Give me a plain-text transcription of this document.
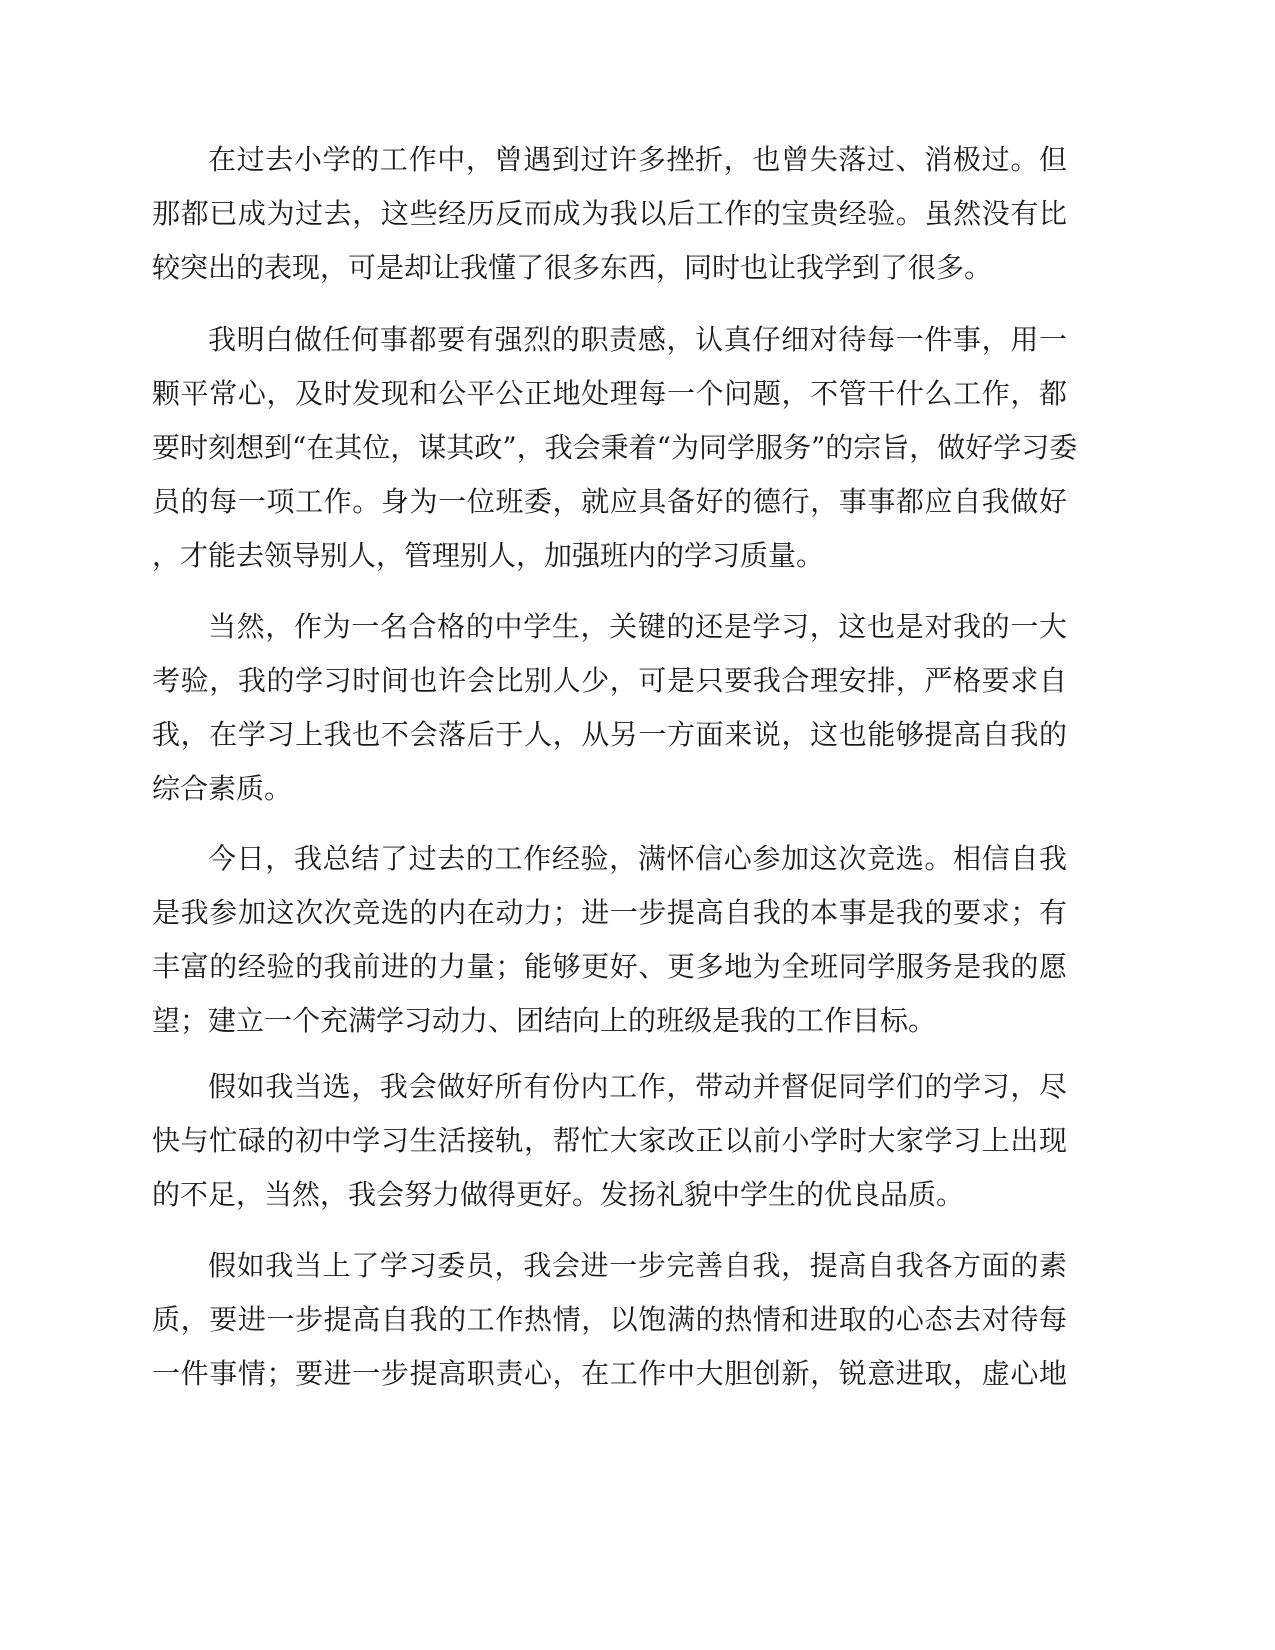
在过去小学的工作中，曾遇到过许多挫折，也曾失落过、消极过。但
那都已成为过去，这些经历反而成为我以后工作的宝贵经验。虽然没有比
较突出的表现，可是却让我懂了很多东西，同时也让我学到了很多。
我明白做任何事都要有强烈的职责感，认真仔细对待每一件事，用一
颗平常心，及时发现和公平公正地处理每一个问题，不管干什么工作，都
要时刻想到“在其位，谋其政”，我会秉着“为同学服务”的宗旨，做好学习委
员的每一项工作。身为一位班委，就应具备好的德行，事事都应自我做好
，才能去领导别人，管理别人，加强班内的学习质量。
当然，作为一名合格的中学生，关键的还是学习，这也是对我的一大
考验，我的学习时间也许会比别人少，可是只要我合理安排，严格要求自
我，在学习上我也不会落后于人，从另一方面来说，这也能够提高自我的
综合素质。
今日，我总结了过去的工作经验，满怀信心参加这次竞选。相信自我
是我参加这次次竞选的内在动力；进一步提高自我的本事是我的要求；有
丰富的经验的我前进的力量；能够更好、更多地为全班同学服务是我的愿
望；建立一个充满学习动力、团结向上的班级是我的工作目标。
假如我当选，我会做好所有份内工作，带动并督促同学们的学习，尽
快与忙碌的初中学习生活接轨，帮忙大家改正以前小学时大家学习上出现
的不足，当然，我会努力做得更好。发扬礼貌中学生的优良品质。
假如我当上了学习委员，我会进一步完善自我，提高自我各方面的素
质，要进一步提高自我的工作热情，以饱满的热情和进取的心态去对待每
一件事情；要进一步提高职责心，在工作中大胆创新，锐意进取，虚心地
